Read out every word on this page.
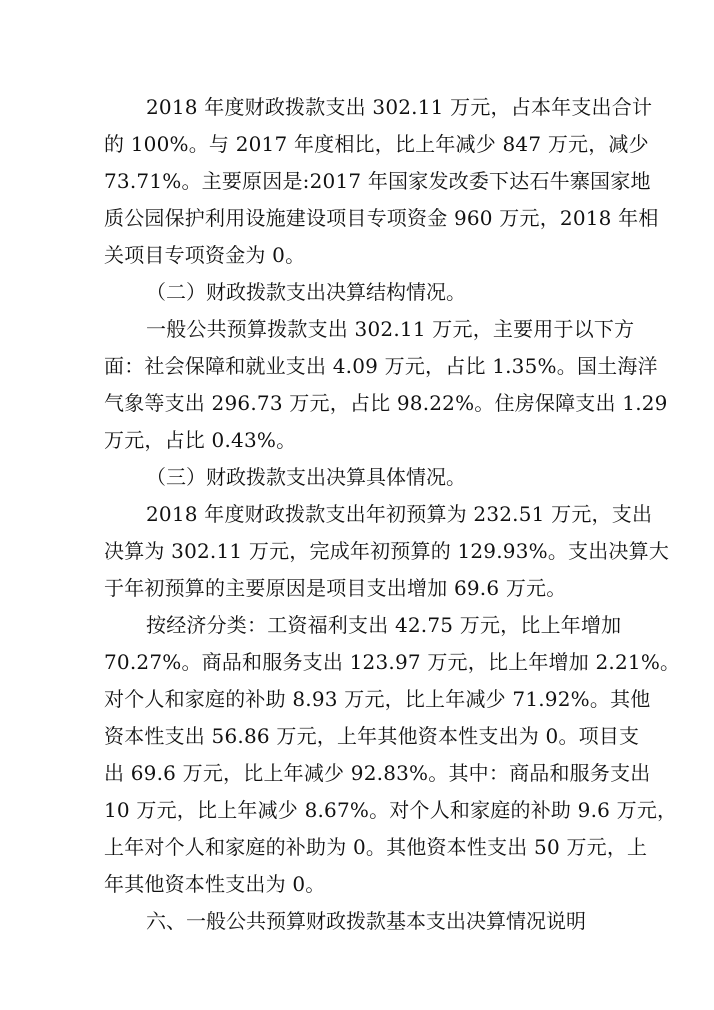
2018 年度财政拨款支出 302.11 万元，占本年支出合计
的 100%。与 2017 年度相比，比上年减少 847 万元，减少
73.71%。主要原因是:2017 年国家发改委下达石牛寨国家地
质公园保护利用设施建设项目专项资金 960 万元，2018 年相
关项目专项资金为 0。
（二）财政拨款支出决算结构情况。
一般公共预算拨款支出 302.11 万元，主要用于以下方
面：社会保障和就业支出 4.09 万元，占比 1.35%。国土海洋
气象等支出 296.73 万元，占比 98.22%。住房保障支出 1.29
万元，占比 0.43%。
（三）财政拨款支出决算具体情况。
2018 年度财政拨款支出年初预算为 232.51 万元，支出
决算为 302.11 万元，完成年初预算的 129.93%。支出决算大
于年初预算的主要原因是项目支出增加 69.6 万元。
按经济分类：工资福利支出 42.75 万元，比上年增加
70.27%。商品和服务支出 123.97 万元，比上年增加 2.21%。
对个人和家庭的补助 8.93 万元，比上年减少 71.92%。其他
资本性支出 56.86 万元，上年其他资本性支出为 0。项目支
出 69.6 万元，比上年减少 92.83%。其中：商品和服务支出
10 万元，比上年减少 8.67%。对个人和家庭的补助 9.6 万元，
上年对个人和家庭的补助为 0。其他资本性支出 50 万元，上
年其他资本性支出为 0。
六、一般公共预算财政拨款基本支出决算情况说明
